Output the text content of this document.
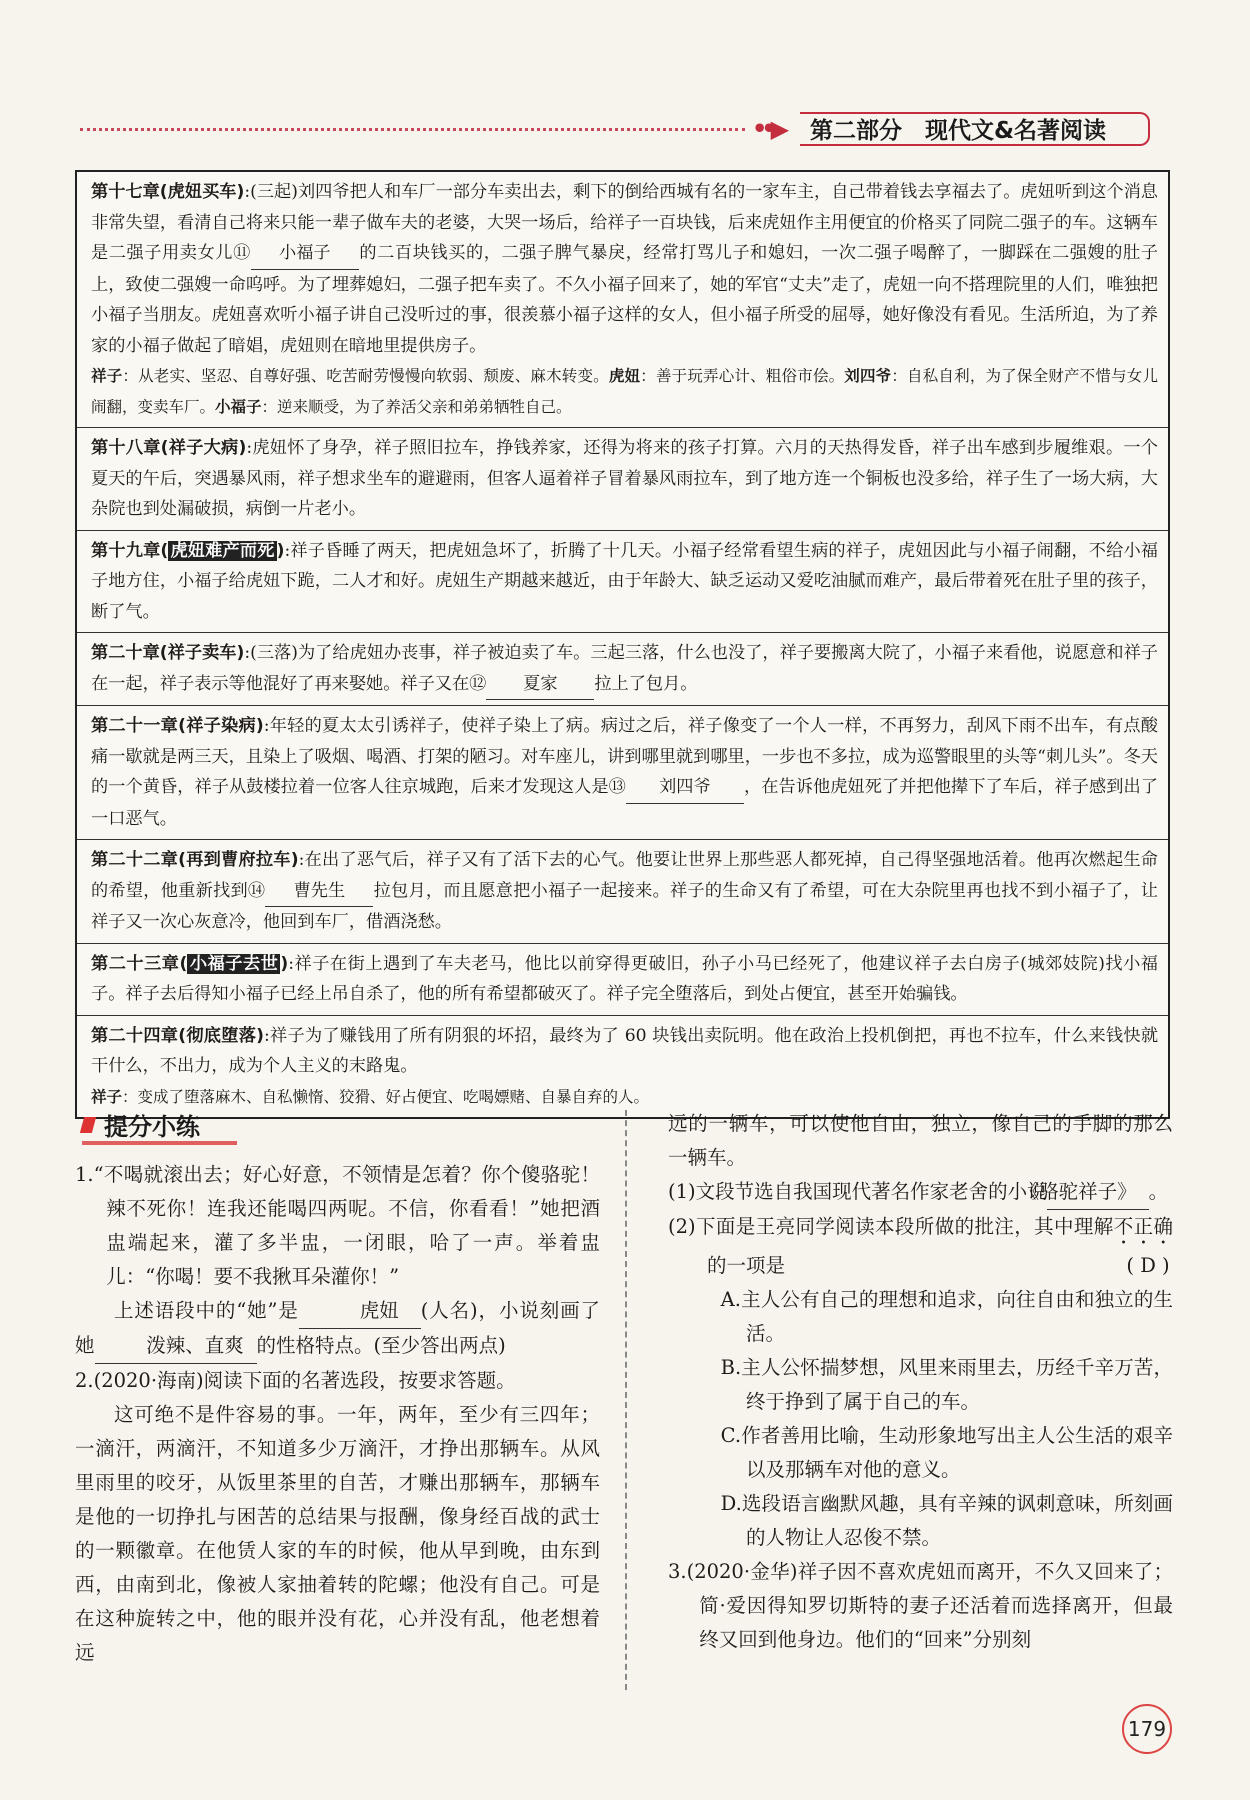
••▶	第二部分　现代文&名著阅读

第十七章(虎妞买车):(三起)刘四爷把人和车厂一部分车卖出去，剩下的倒给西城有名的一家车主，自己带着钱去享福去了。虎妞听到这个消息非常失望，看清自己将来只能一辈子做车夫的老婆，大哭一场后，给祥子一百块钱，后来虎妞作主用便宜的价格买了同院二强子的车。这辆车是二强子用卖女儿⑪ 小福子 的二百块钱买的，二强子脾气暴戾，经常打骂儿子和媳妇，一次二强子喝醉了，一脚踩在二强嫂的肚子上，致使二强嫂一命呜呼。为了埋葬媳妇，二强子把车卖了。不久小福子回来了，她的军官“丈夫”走了，虎妞一向不搭理院里的人们，唯独把小福子当朋友。虎妞喜欢听小福子讲自己没听过的事，很羡慕小福子这样的女人，但小福子所受的屈辱，她好像没有看见。生活所迫，为了养家的小福子做起了暗娼，虎妞则在暗地里提供房子。

祥子：从老实、坚忍、自尊好强、吃苦耐劳慢慢向软弱、颓废、麻木转变。虎妞：善于玩弄心计、粗俗市侩。刘四爷：自私自利，为了保全财产不惜与女儿闹翻，变卖车厂。小福子：逆来顺受，为了养活父亲和弟弟牺牲自己。

第十八章(祥子大病):虎妞怀了身孕，祥子照旧拉车，挣钱养家，还得为将来的孩子打算。六月的天热得发昏，祥子出车感到步履维艰。一个夏天的午后，突遇暴风雨，祥子想求坐车的避避雨，但客人逼着祥子冒着暴风雨拉车，到了地方连一个铜板也没多给，祥子生了一场大病，大杂院也到处漏破损，病倒一片老小。

第十九章( 虎妞难产而死 ):祥子昏睡了两天，把虎妞急坏了，折腾了十几天。小福子经常看望生病的祥子，虎妞因此与小福子闹翻，不给小福子地方住，小福子给虎妞下跪，二人才和好。虎妞生产期越来越近，由于年龄大、缺乏运动又爱吃油腻而难产，最后带着死在肚子里的孩子，断了气。

第二十章(祥子卖车):(三落)为了给虎妞办丧事，祥子被迫卖了车。三起三落，什么也没了，祥子要搬离大院了，小福子来看他，说愿意和祥子在一起，祥子表示等他混好了再来娶她。祥子又在⑫ 夏家 拉上了包月。

第二十一章(祥子染病):年轻的夏太太引诱祥子，使祥子染上了病。病过之后，祥子像变了一个人一样，不再努力，刮风下雨不出车，有点酸痛一歇就是两三天，且染上了吸烟、喝酒、打架的陋习。对车座儿，讲到哪里就到哪里，一步也不多拉，成为巡警眼里的头等“刺儿头”。冬天的一个黄昏，祥子从鼓楼拉着一位客人往京城跑，后来才发现这人是⑬ 刘四爷 ，在告诉他虎妞死了并把他撵下了车后，祥子感到出了一口恶气。

第二十二章(再到曹府拉车):在出了恶气后，祥子又有了活下去的心气。他要让世界上那些恶人都死掉，自己得坚强地活着。他再次燃起生命的希望，他重新找到⑭ 曹先生 拉包月，而且愿意把小福子一起接来。祥子的生命又有了希望，可在大杂院里再也找不到小福子了，让祥子又一次心灰意冷，他回到车厂，借酒浇愁。

第二十三章( 小福子去世 ):祥子在街上遇到了车夫老马，他比以前穿得更破旧，孙子小马已经死了，他建议祥子去白房子(城郊妓院)找小福子。祥子去后得知小福子已经上吊自杀了，他的所有希望都破灭了。祥子完全堕落后，到处占便宜，甚至开始骗钱。

第二十四章(彻底堕落):祥子为了赚钱用了所有阴狠的坏招，最终为了 60 块钱出卖阮明。他在政治上投机倒把，再也不拉车，什么来钱快就干什么，不出力，成为个人主义的末路鬼。

祥子：变成了堕落麻木、自私懒惰、狡猾、好占便宜、吃喝嫖赌、自暴自弃的人。

提分小练

1.“不喝就滚出去；好心好意，不领情是怎着？你个傻骆驼！辣不死你！连我还能喝四两呢。不信，你看看！”她把酒盅端起来，灌了多半盅，一闭眼，哈了一声。举着盅儿：“你喝！要不我揪耳朵灌你！”

上述语段中的“她”是	虎妞 (人名)，小说刻画了她	泼辣、直爽 的性格特点。(至少答出两点)

2.(2020·海南)阅读下面的名著选段，按要求答题。

这可绝不是件容易的事。一年，两年，至少有三四年；一滴汗，两滴汗，不知道多少万滴汗，才挣出那辆车。从风里雨里的咬牙，从饭里茶里的自苦，才赚出那辆车，那辆车是他的一切挣扎与困苦的总结果与报酬，像身经百战的武士的一颗徽章。在他赁人家的车的时候，他从早到晚，由东到西，由南到北，像被人家抽着转的陀螺；他没有自己。可是在这种旋转之中，他的眼并没有花，心并没有乱，他老想着远

远的一辆车，可以使他自由，独立，像自己的手脚的那么一辆车。

(1)文段节选自我国现代著名作家老舍的小说《骆驼祥子》 。

(2)下面是王亮同学阅读本段所做的批注，其中理解不正确的一项是	( D )

A.主人公有自己的理想和追求，向往自由和独立的生活。

B.主人公怀揣梦想，风里来雨里去，历经千辛万苦，终于挣到了属于自己的车。

C.作者善用比喻，生动形象地写出主人公生活的艰辛以及那辆车对他的意义。

D.选段语言幽默风趣，具有辛辣的讽刺意味，所刻画的人物让人忍俊不禁。

3.(2020·金华)祥子因不喜欢虎妞而离开，不久又回来了；简·爱因得知罗切斯特的妻子还活着而选择离开，但最终又回到他身边。他们的“回来”分别刻

179
